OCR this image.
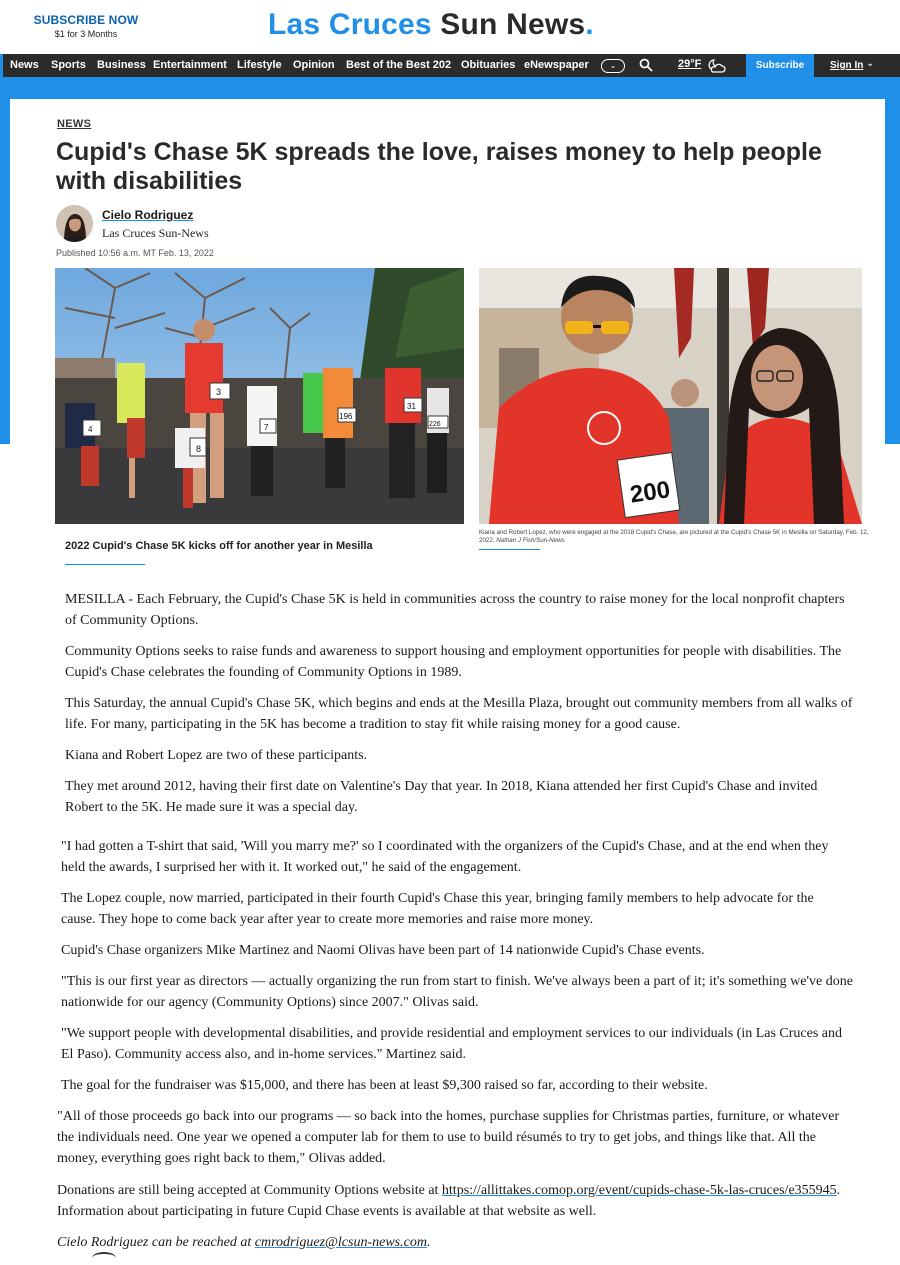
SUBSCRIBE NOW
$1 for 3 Months	Las Cruces Sun News.
News Sports Business Entertainment Lifestyle Opinion Best of the Best 202 Obituaries eNewspaper	⌄	29°F	Subscribe	Sign In ⌄
NEWS
Cupid's Chase 5K spreads the love, raises money to help people with disabilities
Cielo Rodriguez
Las Cruces Sun-News
Published 10:56 a.m. MT Feb. 13, 2022
3
7
196
31
226
4
8
200
2022 Cupid's Chase 5K kicks off for another year in Mesilla
Kiana and Robert Lopez, who were engaged at the 2018 Cupid's Chase, are pictured at the Cupid's Chase 5K in Mesilla on Saturday, Feb. 12, 2022. Nathan J Fish/Sun-News

MESILLA - Each February, the Cupid's Chase 5K is held in communities across the country to raise money for the local nonprofit chapters of Community Options.

Community Options seeks to raise funds and awareness to support housing and employment opportunities for people with disabilities. The Cupid's Chase celebrates the founding of Community Options in 1989.

This Saturday, the annual Cupid's Chase 5K, which begins and ends at the Mesilla Plaza, brought out community members from all walks of life. For many, participating in the 5K has become a tradition to stay fit while raising money for a good cause.

Kiana and Robert Lopez are two of these participants.

They met around 2012, having their first date on Valentine's Day that year. In 2018, Kiana attended her first Cupid's Chase and invited Robert to the 5K. He made sure it was a special day.

"I had gotten a T-shirt that said, 'Will you marry me?' so I coordinated with the organizers of the Cupid's Chase, and at the end when they held the awards, I surprised her with it. It worked out," he said of the engagement.

The Lopez couple, now married, participated in their fourth Cupid's Chase this year, bringing family members to help advocate for the cause. They hope to come back year after year to create more memories and raise more money.

Cupid's Chase organizers Mike Martinez and Naomi Olivas have been part of 14 nationwide Cupid's Chase events.

"This is our first year as directors — actually organizing the run from start to finish. We've always been a part of it; it's something we've done nationwide for our agency (Community Options) since 2007." Olivas said.

"We support people with developmental disabilities, and provide residential and employment services to our individuals (in Las Cruces and El Paso). Community access also, and in-home services." Martinez said.

The goal for the fundraiser was $15,000, and there has been at least $9,300 raised so far, according to their website.

"All of those proceeds go back into our programs — so back into the homes, purchase supplies for Christmas parties, furniture, or whatever the individuals need. One year we opened a computer lab for them to use to build résumés to try to get jobs, and things like that. All the money, everything goes right back to them," Olivas added.

Donations are still being accepted at Community Options website at https://allittakes.comop.org/event/cupids-chase-5k-las-cruces/e355945. Information about participating in future Cupid Chase events is available at that website as well.

Cielo Rodriguez can be reached at cmrodriguez@lcsun-news.com.
